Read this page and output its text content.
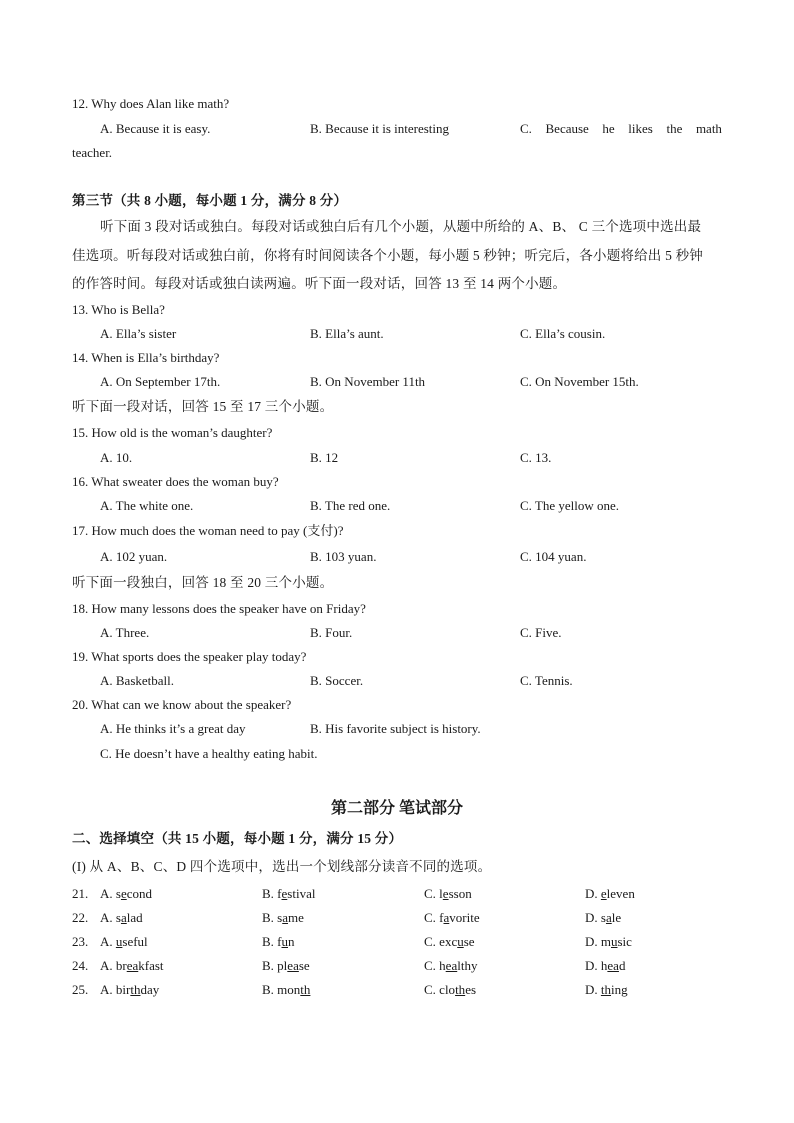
12. Why does Alan like math?
A. Because it is easy.	B. Because it is interesting	C. Because he likes the math
teacher.
第三节（共 8 小题，每小题 1 分，满分 8 分）
听下面 3 段对话或独白。每段对话或独白后有几个小题，从题中所给的 A、B、 C 三个选项中选出最
佳选项。听每段对话或独白前，你将有时间阅读各个小题，每小题 5 秒钟；听完后，各小题将给出 5 秒钟
的作答时间。每段对话或独白读两遍。听下面一段对话，回答 13 至 14 两个小题。
13. Who is Bella?
A. Ella’s sister	B. Ella’s aunt.	C. Ella’s cousin.
14. When is Ella’s birthday?
A. On September 17th.	B. On November 11th	C. On November 15th.
听下面一段对话，回答 15 至 17 三个小题。
15. How old is the woman’s daughter?
A. 10.	B. 12	C. 13.
16. What sweater does the woman buy?
A. The white one.	B. The red one.	C. The yellow one.
17. How much does the woman need to pay (支付)?
A. 102 yuan.	B. 103 yuan.	C. 104 yuan.
听下面一段独白，回答 18 至 20 三个小题。
18. How many lessons does the speaker have on Friday?
A. Three.	B. Four.	C. Five.
19. What sports does the speaker play today?
A. Basketball.	B. Soccer.	C. Tennis.
20. What can we know about the speaker?
A. He thinks it’s a great day	B. His favorite subject is history.
C. He doesn’t have a healthy eating habit.
第二部分 笔试部分
二、选择填空（共 15 小题，每小题 1 分，满分 15 分）
(I) 从 A、B、C、D 四个选项中，选出一个划线部分读音不同的选项。
21. A. second	B. festival	C. lesson	D. eleven
22. A. salad	B. same	C. favorite	D. sale
23. A. useful	B. fun	C. excuse	D. music
24. A. breakfast	B. please	C. healthy	D. head
25. A. birthday	B. month	C. clothes	D. thing
